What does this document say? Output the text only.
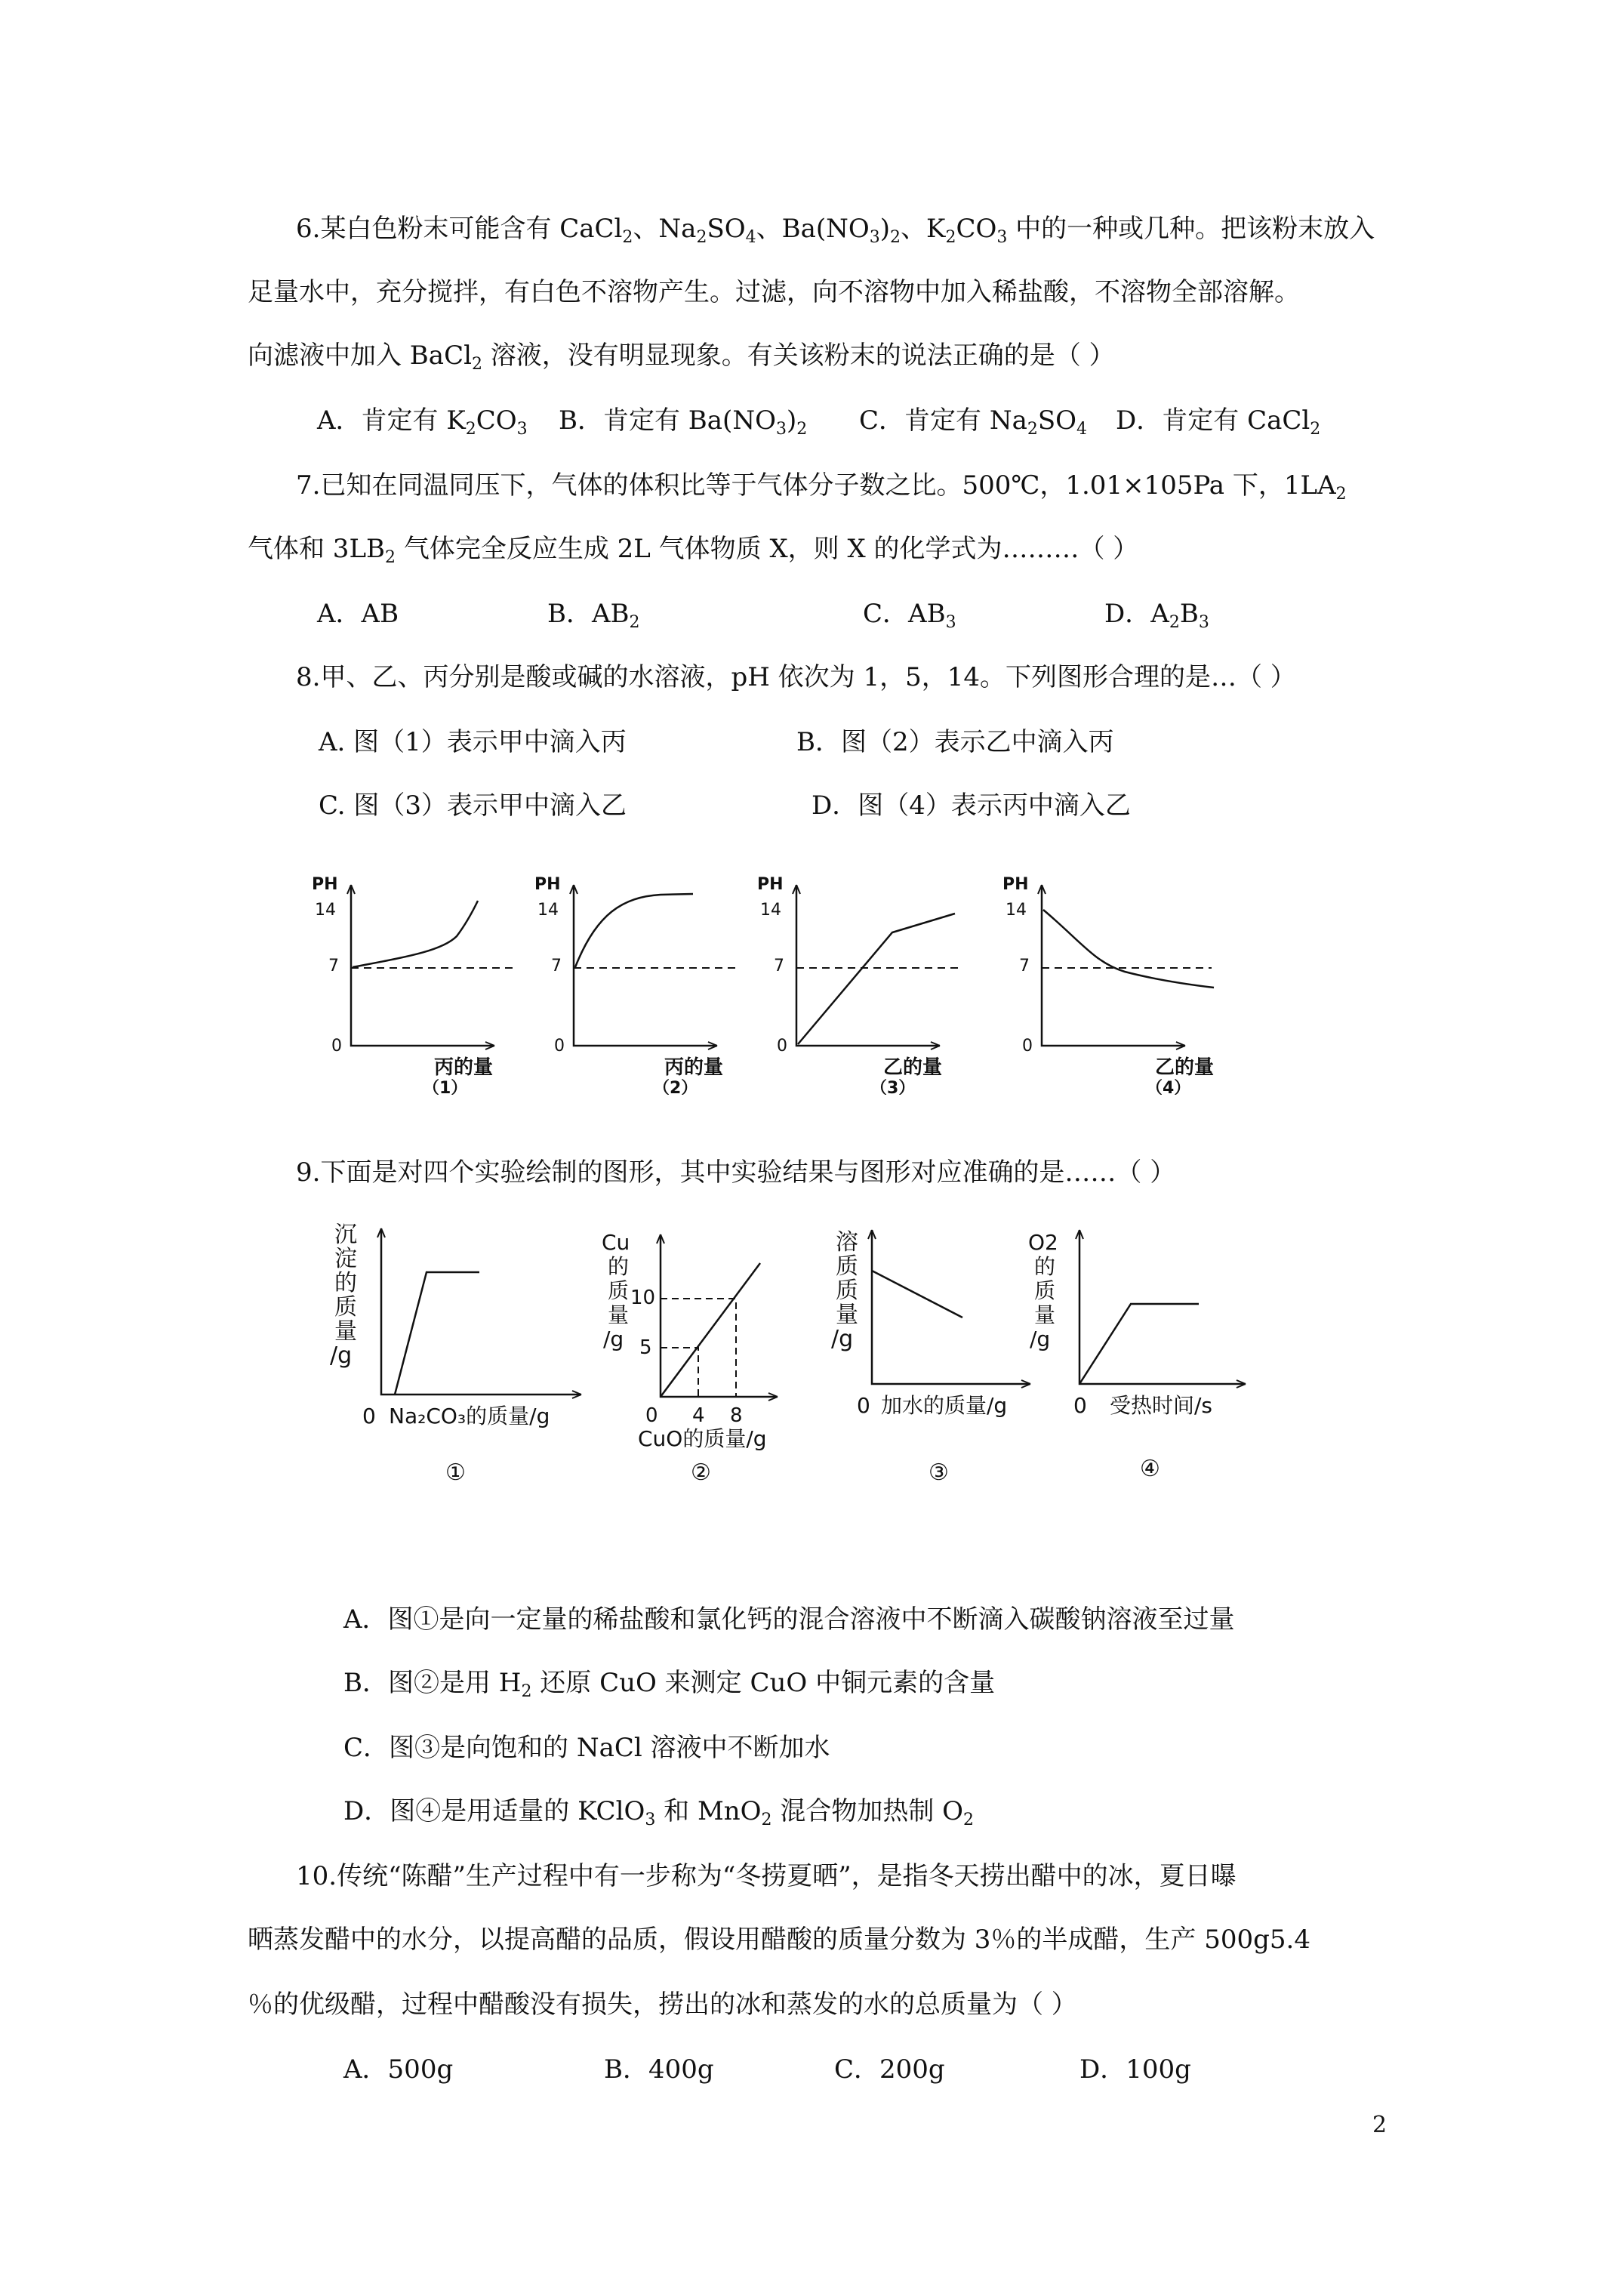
6.某白色粉末可能含有 CaCl$_2$、$Na_2SO_4$、$Ba(NO_3)_2$、$K_2CO_3$ 中的一种或几种。把该粉末放入
足量水中，充分搅拌，有白色不溶物产生。过滤，向不溶物中加入稀盐酸，不溶物全部溶解。
向滤液中加入 BaCl$_2$ 溶液，没有明显现象。有关该粉末的说法正确的是（ ）
A．肯定有 $K_2CO_3$ B．肯定有 $Ba(NO_3)_2$ C．肯定有 $Na_2SO_4$ D．肯定有 CaCl$_2$
7.已知在同温同压下，气体的体积比等于气体分子数之比。500℃，1.01×105Pa 下，$1LA_2$
气体和 $3LB_2$ 气体完全反应生成 2L 气体物质 X，则 X 的化学式为………（ ）
A．AB	B．$AB_2$	C．$AB_3$	D．$A_2B_3$
8.甲、乙、丙分别是酸或碱的水溶液，pH 依次为 1，5，14。下列图形合理的是…（ ）
A. 图（1）表示甲中滴入丙	B．图（2）表示乙中滴入丙
C. 图（3）表示甲中滴入乙	D．图（4）表示丙中滴入乙
PH
14
7
0
丙的量
（1）
PH
14
7
0
丙的量
（2）
PH
14
7
0
乙的量
（3）
PH
14
7
0
乙的量
（4）
9.下面是对四个实验绘制的图形，其中实验结果与图形对应准确的是……（ ）
沉
淀
的
质
量
/g
0 Na₂CO₃的质量/g
①
Cu
的
质
量
/g
10
5
0 4 8
CuO的质量/g
②
溶
质
质
量
/g
0 加水的质量/g
③
O2
的
质
量
/g
0 受热时间/s
④
A．图①是向一定量的稀盐酸和氯化钙的混合溶液中不断滴入碳酸钠溶液至过量
B．图②是用 $H_2$ 还原 CuO 来测定 CuO 中铜元素的含量
C．图③是向饱和的 NaCl 溶液中不断加水
D．图④是用适量的 KClO$_3$ 和 MnO$_2$ 混合物加热制 $O_2$
10.传统“陈醋”生产过程中有一步称为“冬捞夏晒”，是指冬天捞出醋中的冰，夏日曝
晒蒸发醋中的水分，以提高醋的品质，假设用醋酸的质量分数为 3％的半成醋，生产 500g5.4
％的优级醋，过程中醋酸没有损失，捞出的冰和蒸发的水的总质量为（ ）
A．500g	B．400g	C．200g	D．100g
2
